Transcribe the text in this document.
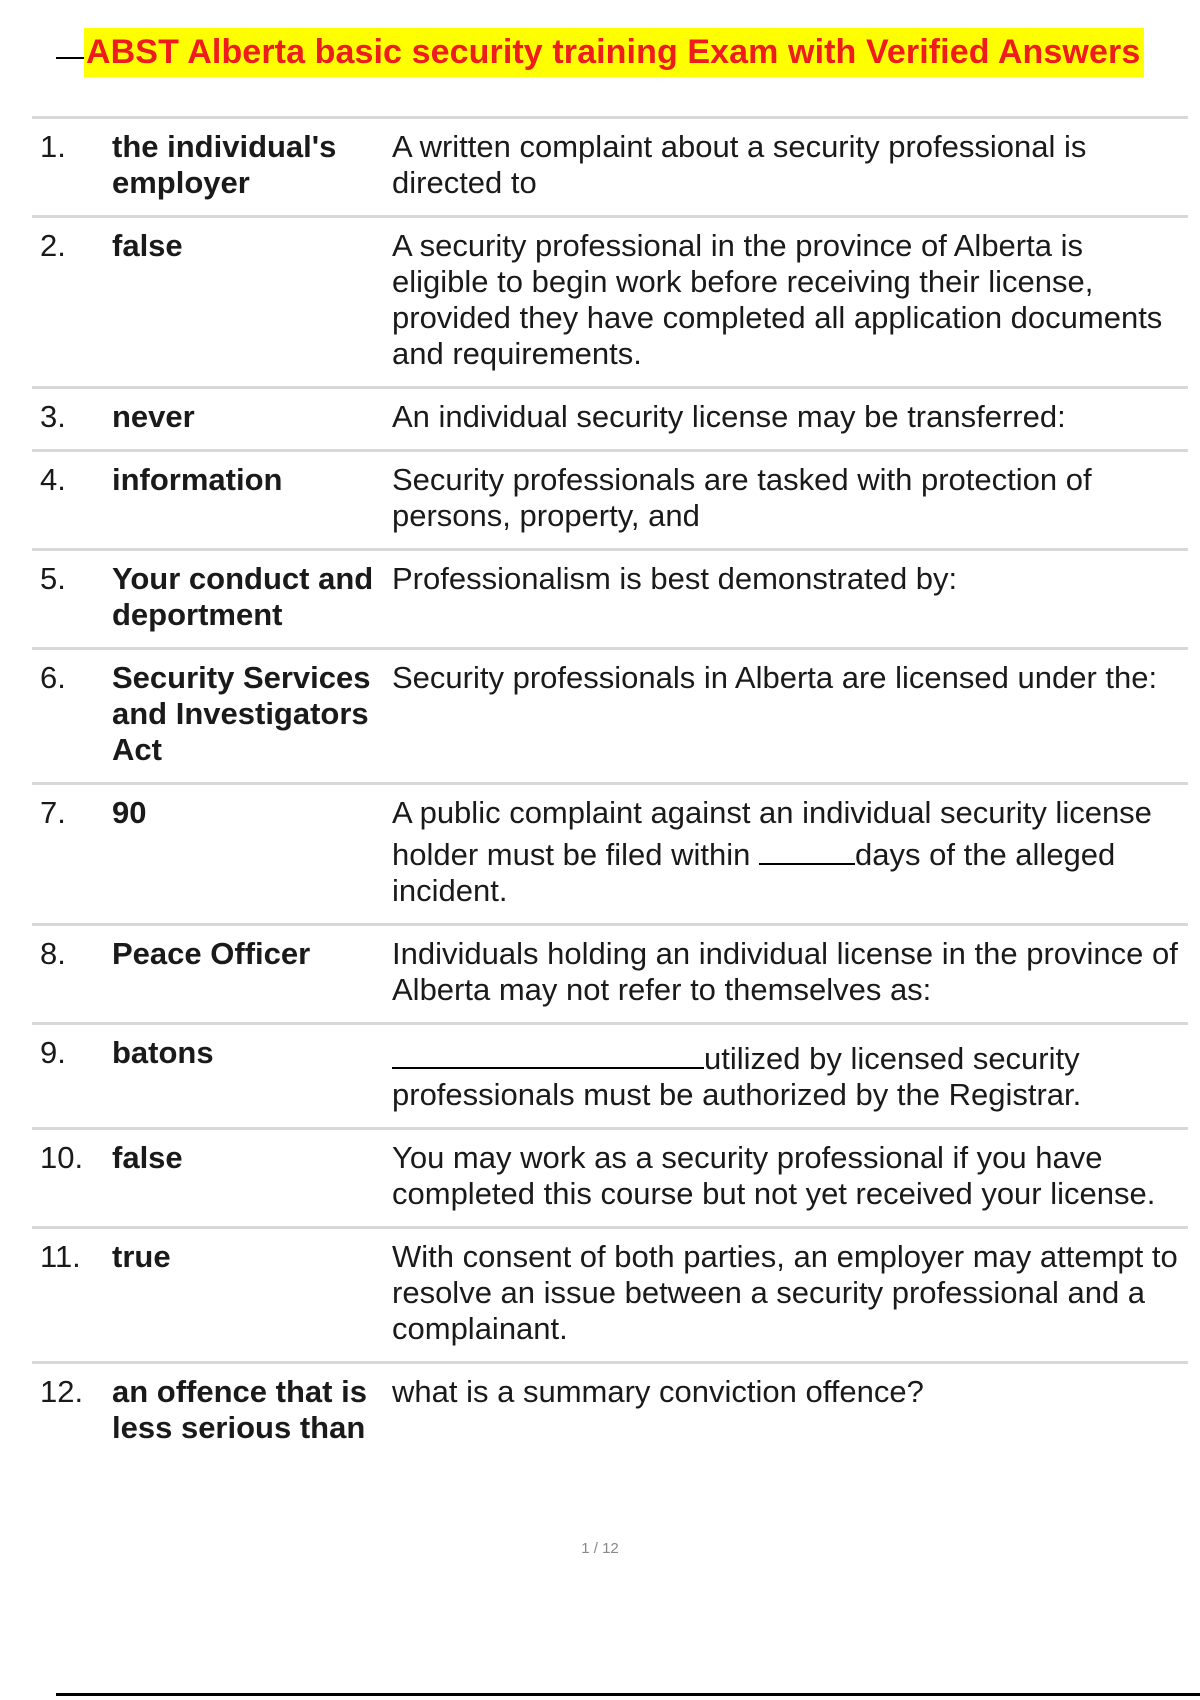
ABST Alberta basic security training Exam with Verified Answers
1.	the individual's employer	A written complaint about a security professional is directed to
2.	false	A security professional in the province of Alberta is eligible to begin work before receiving their license, provided they have completed all application documents and requirements.
3.	never	An individual security license may be transferred:
4.	information	Security professionals are tasked with protection of persons, property, and
5.	Your conduct and deportment	Professionalism is best demonstrated by:
6.	Security Services and Investigators Act	Security professionals in Alberta are licensed under the:
7.	90	A public complaint against an individual security license holder must be filed within days of the alleged incident.
8.	Peace Officer	Individuals holding an individual license in the province of Alberta may not refer to themselves as:
9.	batons	utilized by licensed security professionals must be authorized by the Registrar.
10.	false	You may work as a security professional if you have completed this course but not yet received your license.
11.	true	With consent of both parties, an employer may attempt to resolve an issue between a security professional and a complainant.
12.	an offence that is less serious than	what is a summary conviction offence?
1 / 12
